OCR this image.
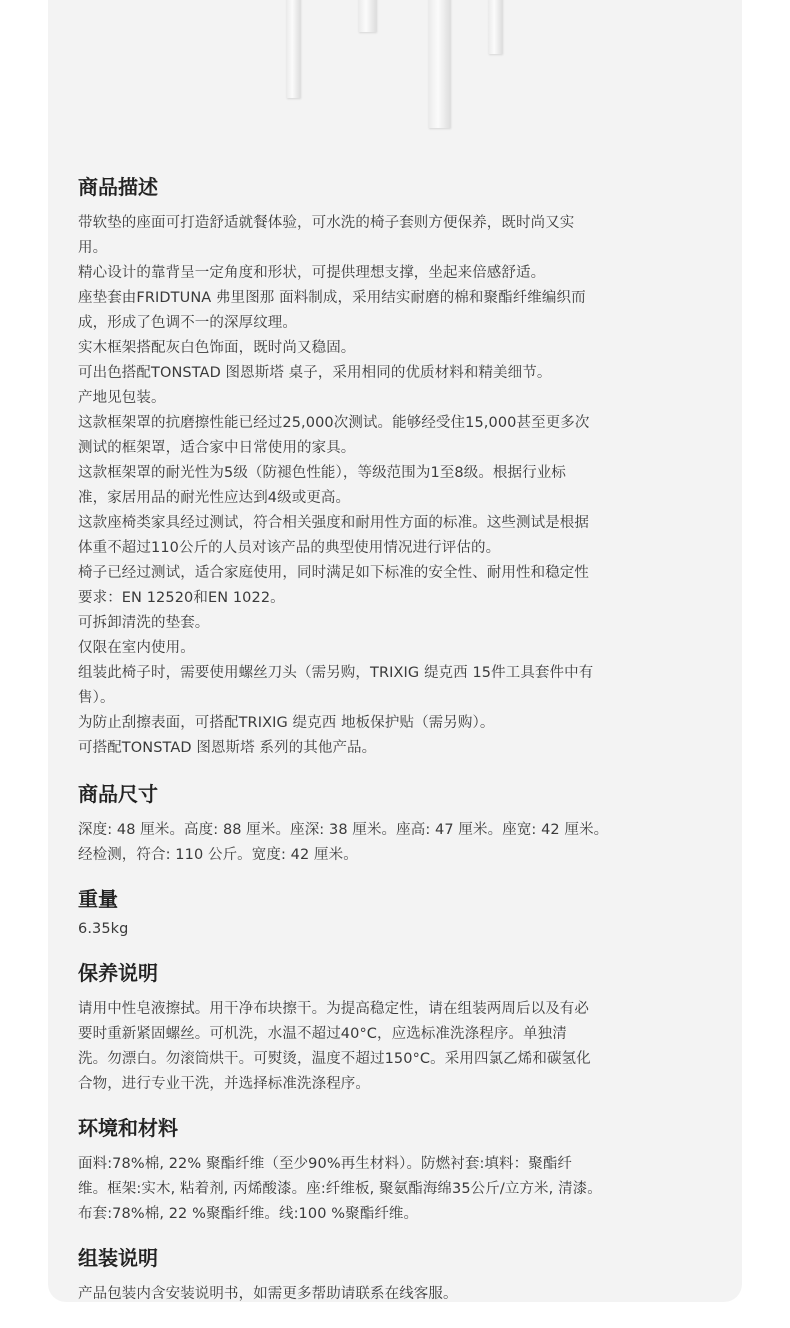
商品描述

带软垫的座面可打造舒适就餐体验，可水洗的椅子套则方便保养，既时尚又实

用。

精心设计的靠背呈一定角度和形状，可提供理想支撑，坐起来倍感舒适。

座垫套由FRIDTUNA 弗里图那 面料制成，采用结实耐磨的棉和聚酯纤维编织而

成，形成了色调不一的深厚纹理。

实木框架搭配灰白色饰面，既时尚又稳固。

可出色搭配TONSTAD 图恩斯塔 桌子，采用相同的优质材料和精美细节。

产地见包装。

这款框架罩的抗磨擦性能已经过25,000次测试。能够经受住15,000甚至更多次

测试的框架罩，适合家中日常使用的家具。

这款框架罩的耐光性为5级（防褪色性能），等级范围为1至8级。根据行业标

准，家居用品的耐光性应达到4级或更高。

这款座椅类家具经过测试，符合相关强度和耐用性方面的标准。这些测试是根据

体重不超过110公斤的人员对该产品的典型使用情况进行评估的。

椅子已经过测试，适合家庭使用，同时满足如下标准的安全性、耐用性和稳定性

要求：EN 12520和EN 1022。

可拆卸清洗的垫套。

仅限在室内使用。

组装此椅子时，需要使用螺丝刀头（需另购，TRIXIG 缇克西 15件工具套件中有

售）。

为防止刮擦表面，可搭配TRIXIG 缇克西 地板保护贴（需另购）。

可搭配TONSTAD 图恩斯塔 系列的其他产品。

商品尺寸

深度: 48 厘米。高度: 88 厘米。座深: 38 厘米。座高: 47 厘米。座宽: 42 厘米。

经检测，符合: 110 公斤。宽度: 42 厘米。

重量

6.35kg

保养说明

请用中性皂液擦拭。用干净布块擦干。为提高稳定性，请在组装两周后以及有必

要时重新紧固螺丝。可机洗，水温不超过40°C，应选标准洗涤程序。单独清

洗。勿漂白。勿滚筒烘干。可熨烫，温度不超过150°C。采用四氯乙烯和碳氢化

合物，进行专业干洗，并选择标准洗涤程序。

环境和材料

面料:78%棉, 22% 聚酯纤维（至少90%再生材料）。防燃衬套:填料：聚酯纤

维。框架:实木, 粘着剂, 丙烯酸漆。座:纤维板, 聚氨酯海绵35公斤/立方米, 清漆。

布套:78%棉, 22 %聚酯纤维。线:100 %聚酯纤维。

组装说明

产品包装内含安装说明书，如需更多帮助请联系在线客服。
